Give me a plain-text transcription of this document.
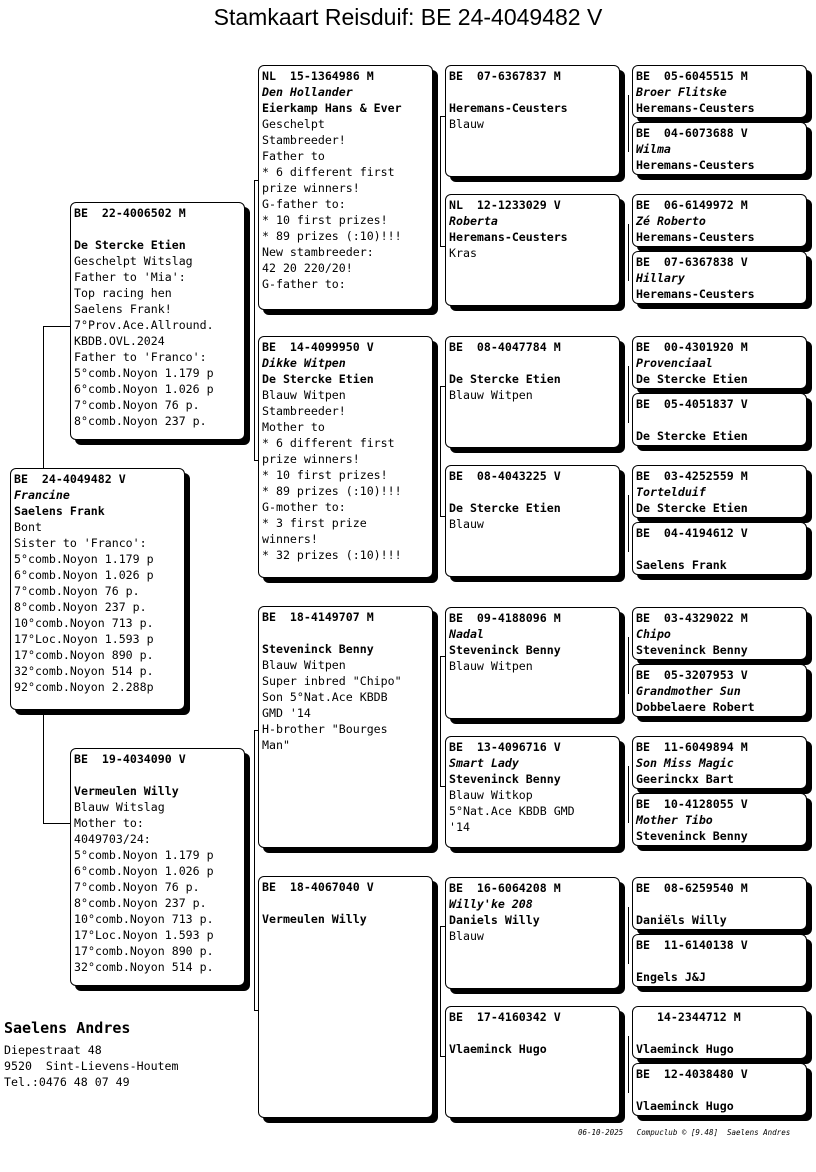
Stamkaart Reisduif: BE 24-4049482 V
BE  24-4049482 V
Francine
Saelens Frank
Bont
Sister to 'Franco':
5°comb.Noyon 1.179 p
6°comb.Noyon 1.026 p
7°comb.Noyon 76 p.
8°comb.Noyon 237 p.
10°comb.Noyon 713 p.
17°Loc.Noyon 1.593 p
17°comb.Noyon 890 p.
32°comb.Noyon 514 p.
92°comb.Noyon 2.288p
BE  22-4006502 M
De Stercke Etien
Geschelpt Witslag
Father to 'Mia':
Top racing hen
Saelens Frank!
7°Prov.Ace.Allround.
KBDB.OVL.2024
Father to 'Franco':
5°comb.Noyon 1.179 p
6°comb.Noyon 1.026 p
7°comb.Noyon 76 p.
8°comb.Noyon 237 p.
BE  19-4034090 V
Vermeulen Willy
Blauw Witslag
Mother to:
4049703/24:
5°comb.Noyon 1.179 p
6°comb.Noyon 1.026 p
7°comb.Noyon 76 p.
8°comb.Noyon 237 p.
10°comb.Noyon 713 p.
17°Loc.Noyon 1.593 p
17°comb.Noyon 890 p.
32°comb.Noyon 514 p.
NL  15-1364986 M
Den Hollander
Eierkamp Hans & Ever
Geschelpt
Stambreeder!
Father to
* 6 different first
prize winners!
G-father to:
* 10 first prizes!
* 89 prizes (:10)!!!
New stambreeder:
42 20 220/20!
G-father to:
BE  14-4099950 V
Dikke Witpen
De Stercke Etien
Blauw Witpen
Stambreeder!
Mother to
* 6 different first
prize winners!
* 10 first prizes!
* 89 prizes (:10)!!!
G-mother to:
* 3 first prize
winners!
* 32 prizes (:10)!!!
BE  18-4149707 M
Steveninck Benny
Blauw Witpen
Super inbred "Chipo"
Son 5°Nat.Ace KBDB
GMD '14
H-brother "Bourges
Man"
BE  18-4067040 V
Vermeulen Willy
BE  07-6367837 M
Heremans-Ceusters
Blauw
NL  12-1233029 V
Roberta
Heremans-Ceusters
Kras
BE  08-4047784 M
De Stercke Etien
Blauw Witpen
BE  08-4043225 V
De Stercke Etien
Blauw
BE  09-4188096 M
Nadal
Steveninck Benny
Blauw Witpen
BE  13-4096716 V
Smart Lady
Steveninck Benny
Blauw Witkop
5°Nat.Ace KBDB GMD
'14
BE  16-6064208 M
Willy'ke 208
Daniels Willy
Blauw
BE  17-4160342 V
Vlaeminck Hugo
BE  05-6045515 M
Broer Flitske
Heremans-Ceusters
BE  04-6073688 V
Wilma
Heremans-Ceusters
BE  06-6149972 M
Zé Roberto
Heremans-Ceusters
BE  07-6367838 V
Hillary
Heremans-Ceusters
BE  00-4301920 M
Provenciaal
De Stercke Etien
BE  05-4051837 V
De Stercke Etien
BE  03-4252559 M
Tortelduif
De Stercke Etien
BE  04-4194612 V
Saelens Frank
BE  03-4329022 M
Chipo
Steveninck Benny
BE  05-3207953 V
Grandmother Sun
Dobbelaere Robert
BE  11-6049894 M
Son Miss Magic
Geerinckx Bart
BE  10-4128055 V
Mother Tibo
Steveninck Benny
BE  08-6259540 M
Daniëls Willy
BE  11-6140138 V
Engels J&J
14-2344712 M
Vlaeminck Hugo
BE  12-4038480 V
Vlaeminck Hugo
Saelens Andres
Diepestraat 48
9520  Sint-Lievens-Houtem
Tel.:0476 48 07 49
06-10-2025   Compuclub © [9.48]  Saelens Andres
